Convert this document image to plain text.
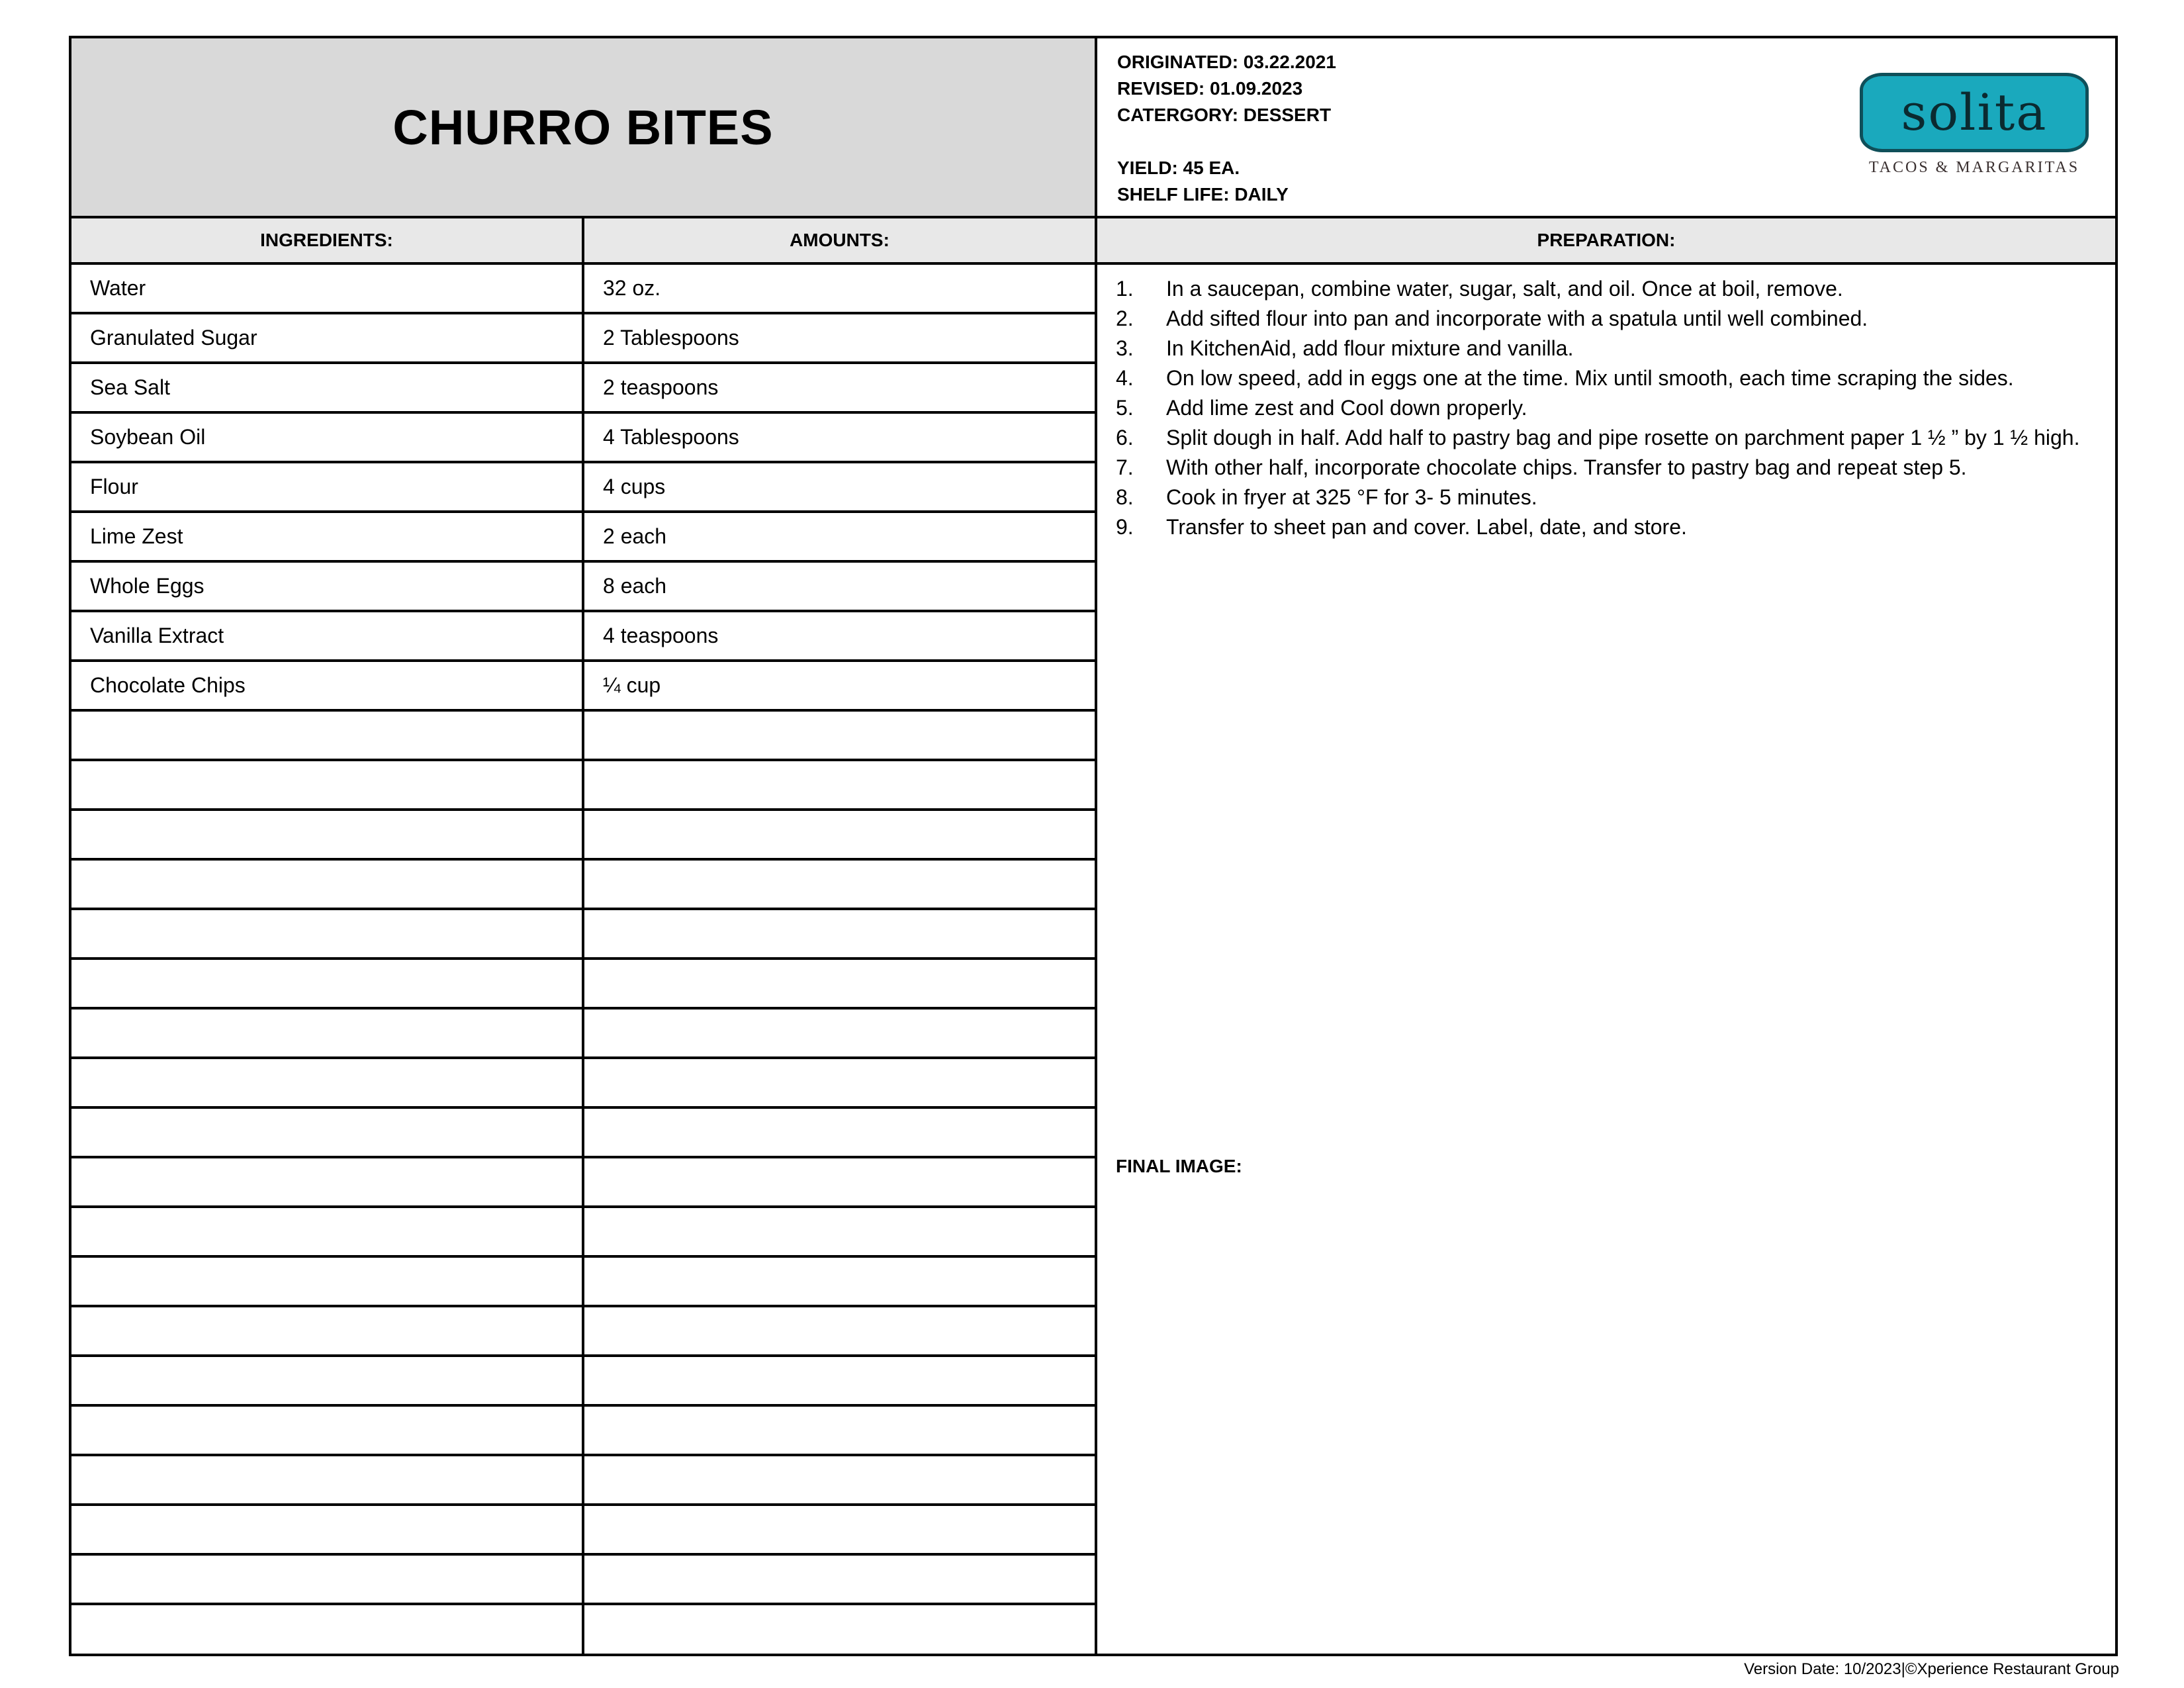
CHURRO BITES
ORIGINATED: 03.22.2021
REVISED: 01.09.2023
CATERGORY: DESSERT
YIELD: 45 EA.
SHELF LIFE: DAILY
solita
TACOS & MARGARITAS
INGREDIENTS:	AMOUNTS:	PREPARATION:
Water	32 oz.
Granulated Sugar	2 Tablespoons
Sea Salt	2 teaspoons
Soybean Oil	4 Tablespoons
Flour	4 cups
Lime Zest	2 each
Whole Eggs	8 each
Vanilla Extract	4 teaspoons
Chocolate Chips	¼ cup
1.	In a saucepan, combine water, sugar, salt, and oil. Once at boil, remove.
2.	Add sifted flour into pan and incorporate with a spatula until well combined.
3.	In KitchenAid, add flour mixture and vanilla.
4.	On low speed, add in eggs one at the time. Mix until smooth, each time scraping the sides.
5.	Add lime zest and Cool down properly.
6.	Split dough in half. Add half to pastry bag and pipe rosette on parchment paper 1 ½ ” by 1 ½ high.
7.	With other half, incorporate chocolate chips. Transfer to pastry bag and repeat step 5.
8.	Cook in fryer at 325 °F for 3- 5 minutes.
9.	Transfer to sheet pan and cover. Label, date, and store.
FINAL IMAGE:
Version Date: 10/2023|©Xperience Restaurant Group
